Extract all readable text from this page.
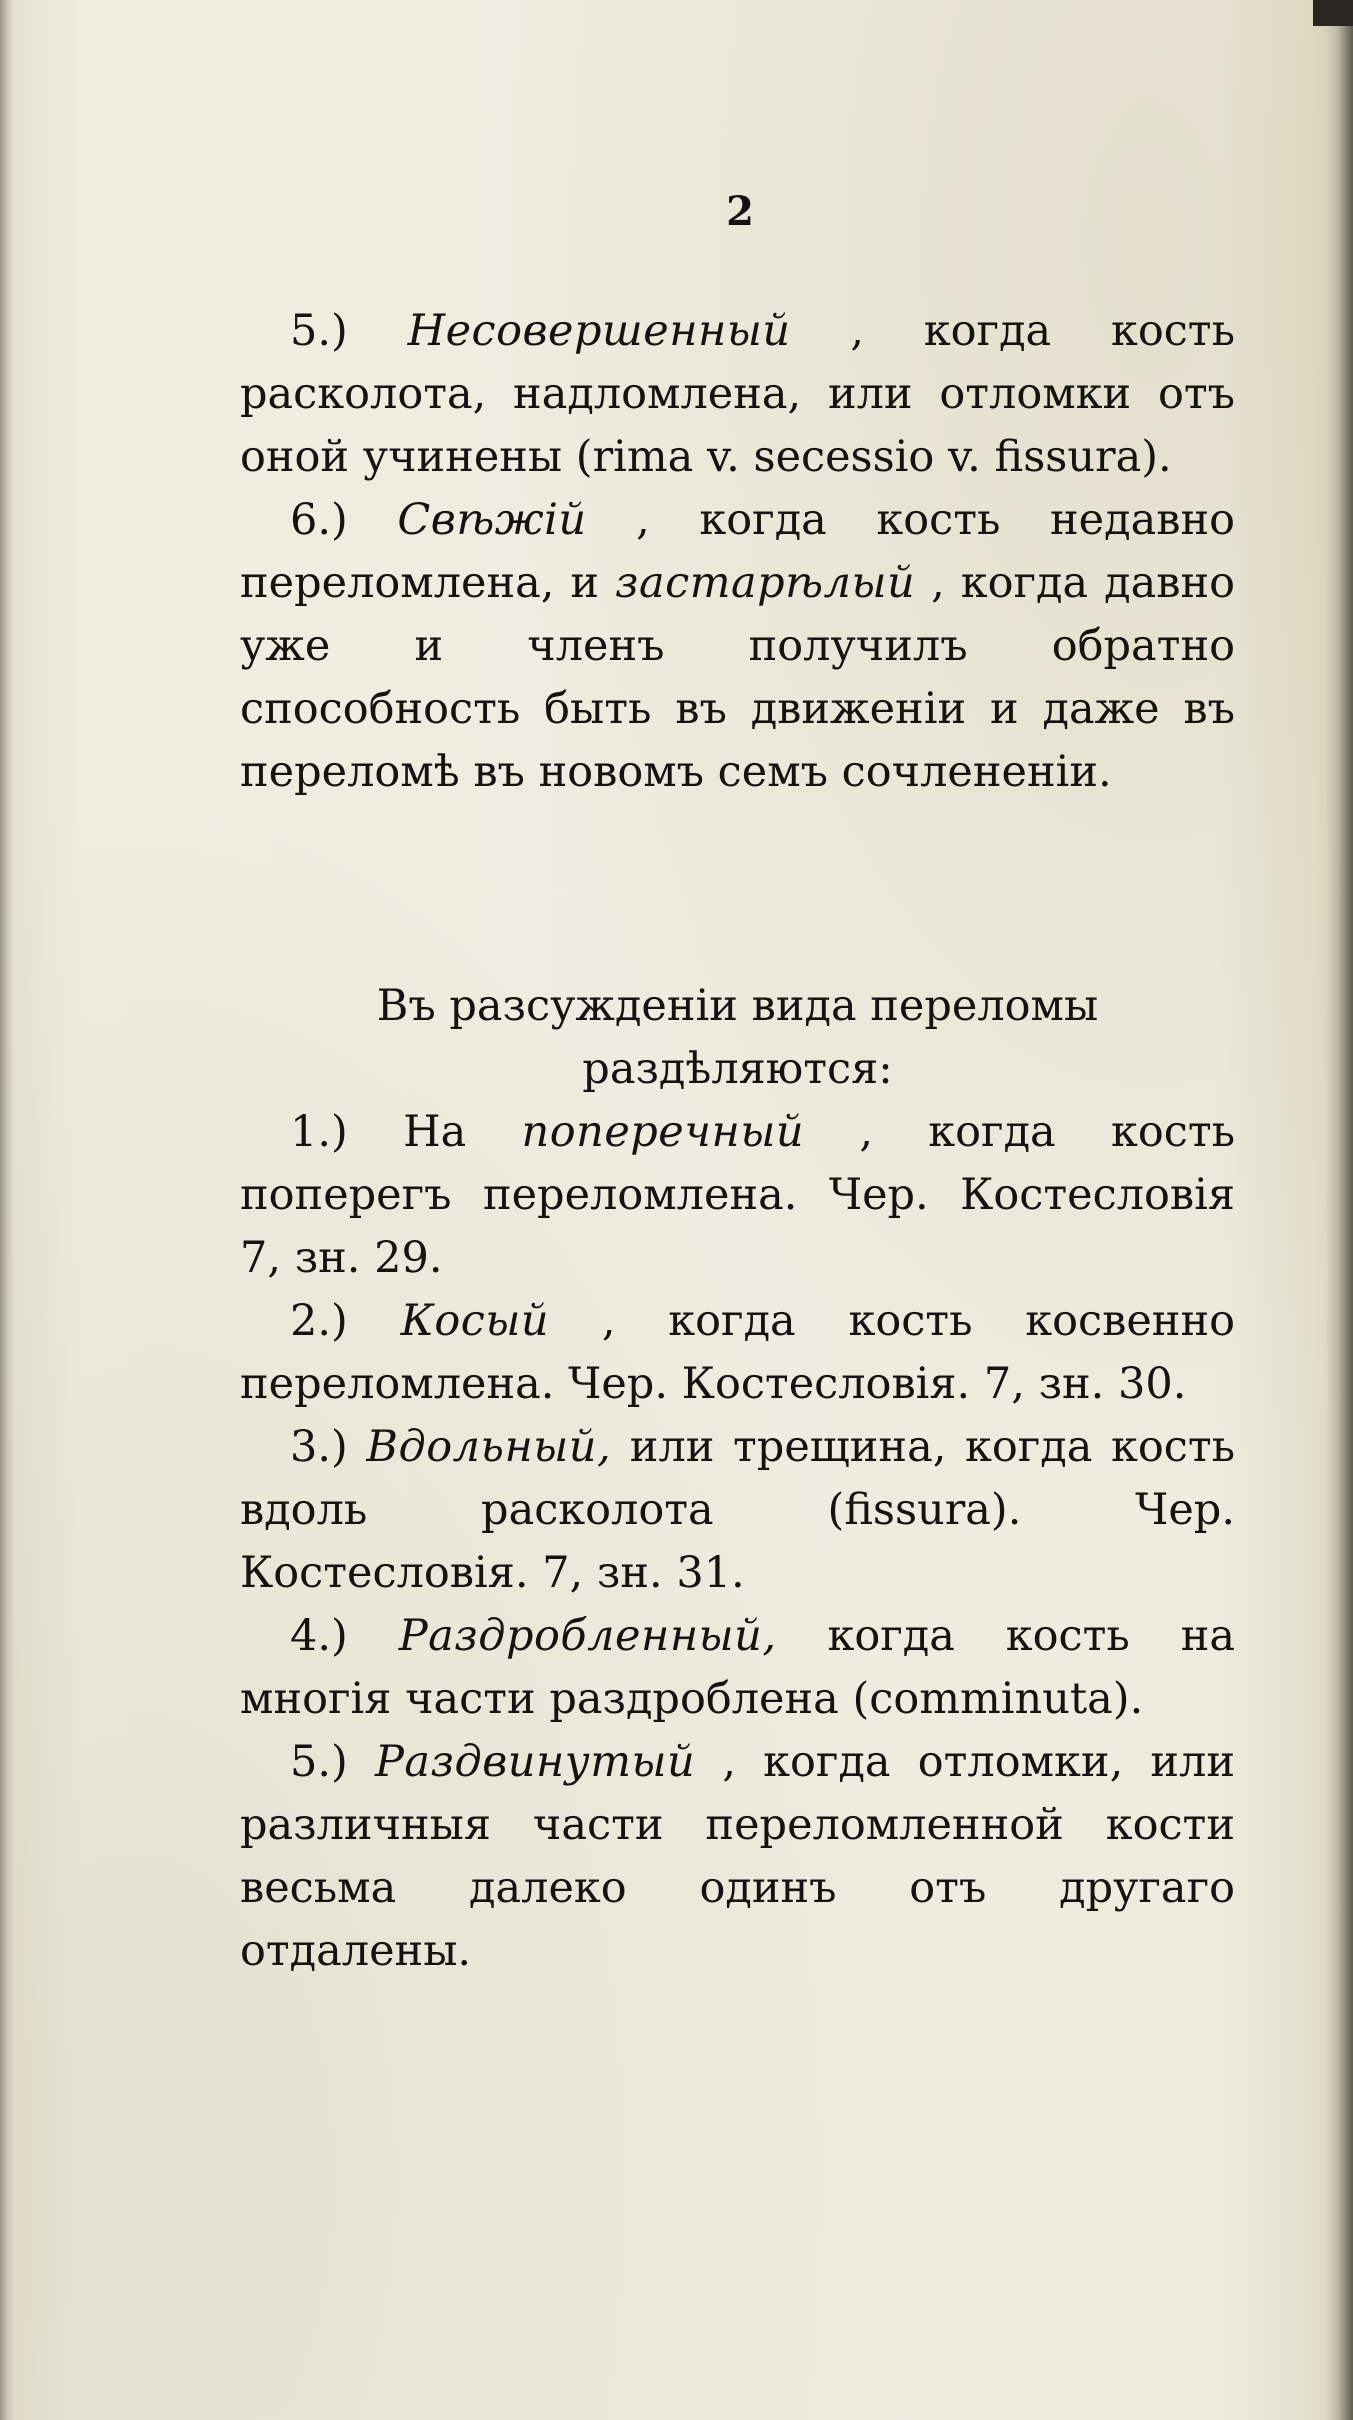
2

5.) Несовершенный , когда кость расколота, надломлена, или отломки отъ оной учинены (rima v. secessio v. fissura).

6.) Свѣжій , когда кость недавно переломлена, и застарѣлый , когда давно уже и членъ получилъ обратно способность быть въ движеніи и даже въ переломѣ въ новомъ семъ сочлененіи.

Въ разсужденіи вида переломы раздѣляются:

1.) На поперечный , когда кость поперегъ переломлена. Чер. Костесловія 7, зн. 29.

2.) Косый , когда кость косвенно переломлена. Чер. Костесловія. 7, зн. 30.

3.) Вдольный, или трещина, когда кость вдоль расколота (fissura). Чер. Костесловія. 7, зн. 31.

4.) Раздробленный, когда кость на многія части раздроблена (comminuta).

5.) Раздвинутый , когда отломки, или различныя части переломленной кости весьма далеко одинъ отъ другаго отдалены.
